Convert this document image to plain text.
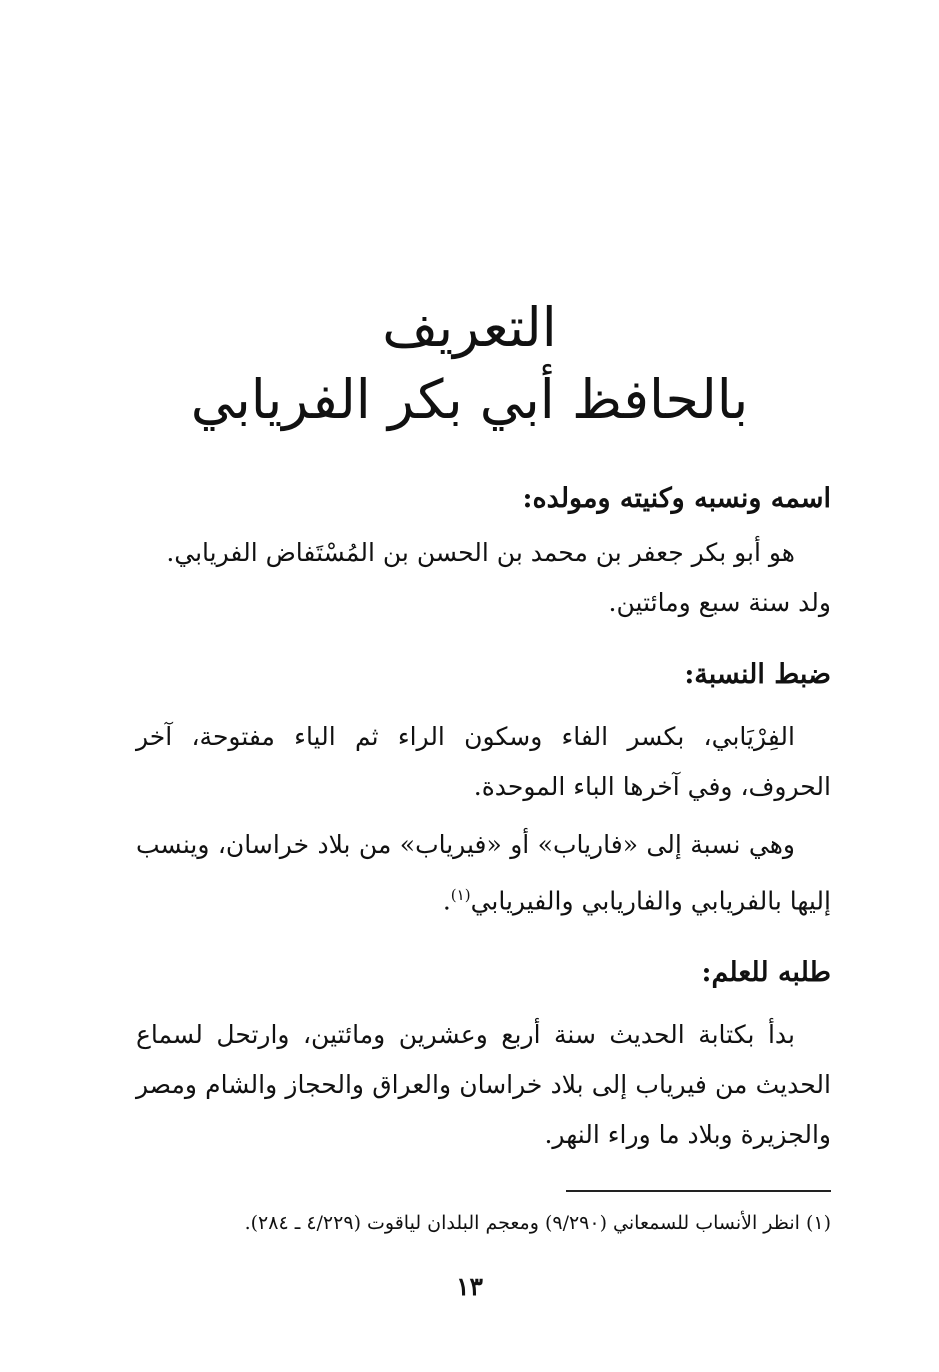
التعريف

بالحافظ أبي بكر الفريابي

اسمه ونسبه وكنيته ومولده:

هو أبو بكر جعفر بن محمد بن الحسن بن المُسْتَفاض الفريابي.

ولد سنة سبع ومائتين.

ضبط النسبة:

الفِرْيَابي، بكسر الفاء وسكون الراء ثم الياء مفتوحة، آخر الحروف، وفي آخرها الباء الموحدة.

وهي نسبة إلى «فارياب» أو «فيرياب» من بلاد خراسان، وينسب إليها بالفريابي والفاريابي والفيريابي$^{(١)}$.

طلبه للعلم:

بدأ بكتابة الحديث سنة أربع وعشرين ومائتين، وارتحل لسماع الحديث من فيرياب إلى بلاد خراسان والعراق والحجاز والشام ومصر والجزيرة وبلاد ما وراء النهر.

(١) انظر الأنساب للسمعاني (٩/٢٩٠) ومعجم البلدان لياقوت (٤/٢٢٩ ـ ٢٨٤).
١٣
